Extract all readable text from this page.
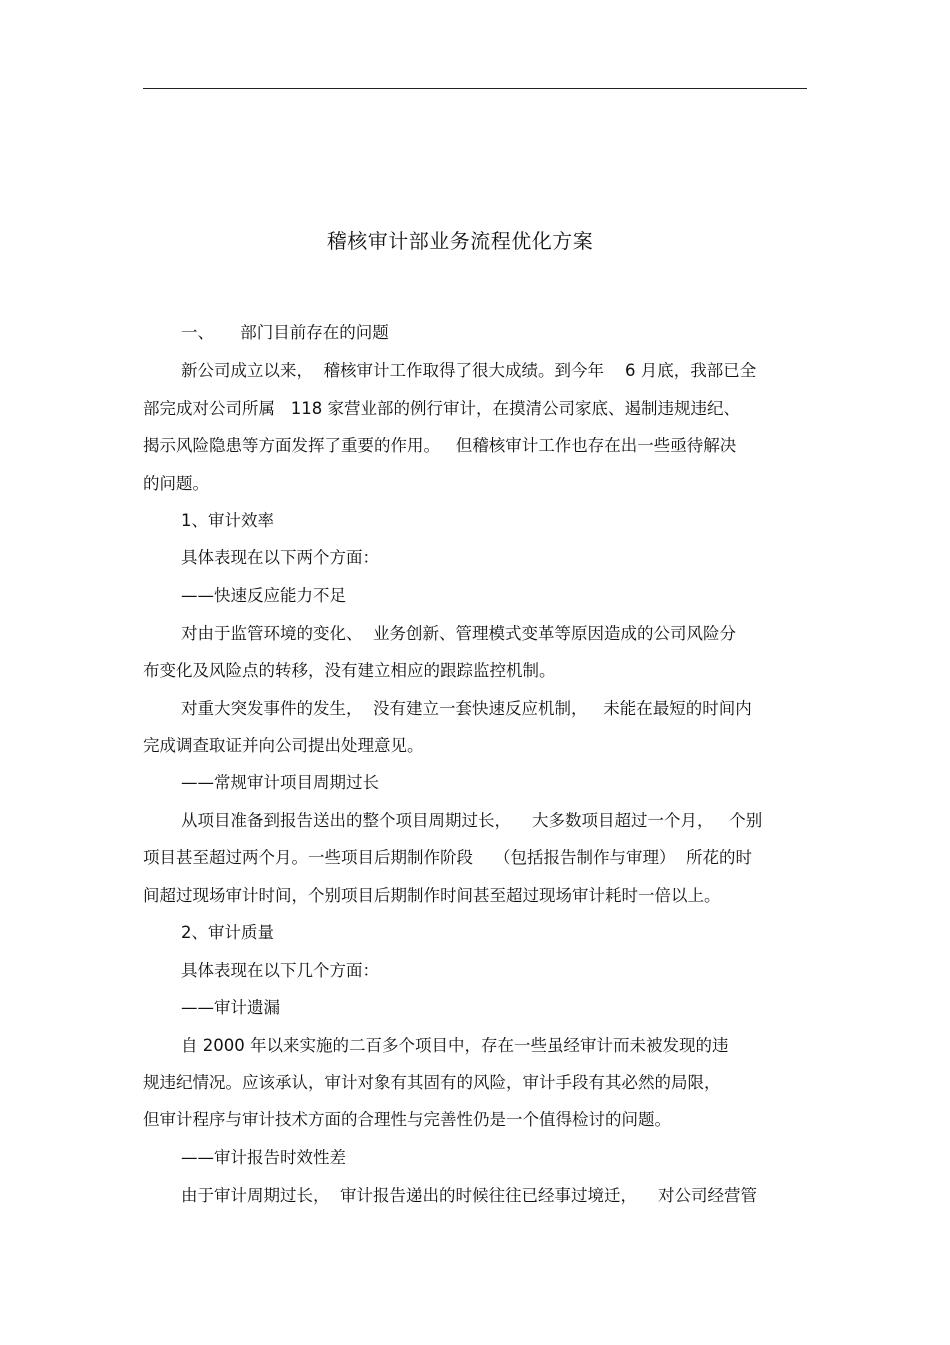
稽核审计部业务流程优化方案
一、     部门目前存在的问题
新公司成立以来，  稽核审计工作取得了很大成绩。到今年    6 月底，我部已全
部完成对公司所属   118 家营业部的例行审计，在摸清公司家底、遏制违规违纪、
揭示风险隐患等方面发挥了重要的作用。   但稽核审计工作也存在出一些亟待解决
的问题。
1、审计效率
具体表现在以下两个方面：
——快速反应能力不足
对由于监管环境的变化、  业务创新、管理模式变革等原因造成的公司风险分
布变化及风险点的转移，没有建立相应的跟踪监控机制。
对重大突发事件的发生，  没有建立一套快速反应机制，   未能在最短的时间内
完成调查取证并向公司提出处理意见。
——常规审计项目周期过长
从项目准备到报告送出的整个项目周期过长，    大多数项目超过一个月，   个别
项目甚至超过两个月。一些项目后期制作阶段    （包括报告制作与审理）  所花的时
间超过现场审计时间，个别项目后期制作时间甚至超过现场审计耗时一倍以上。
2、审计质量
具体表现在以下几个方面：
——审计遗漏
自 2000 年以来实施的二百多个项目中，存在一些虽经审计而未被发现的违
规违纪情况。应该承认，审计对象有其固有的风险，审计手段有其必然的局限，
但审计程序与审计技术方面的合理性与完善性仍是一个值得检讨的问题。
——审计报告时效性差
由于审计周期过长，  审计报告递出的时候往往已经事过境迁，    对公司经营管
